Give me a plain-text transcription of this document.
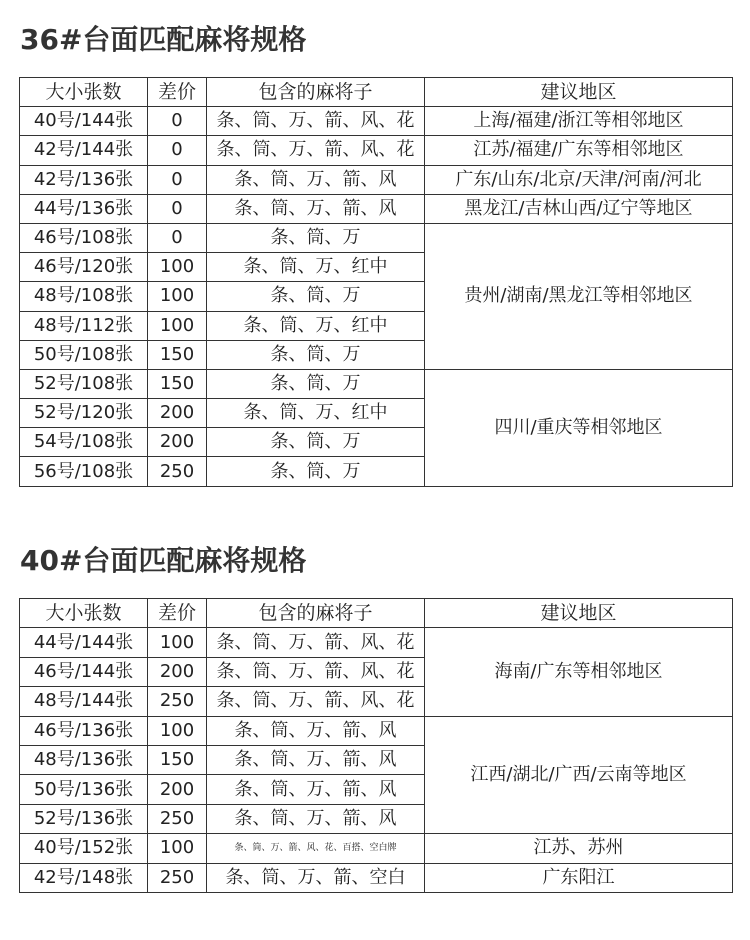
36#台面匹配麻将规格
大小张数	差价	包含的麻将子	建议地区
40号/144张	0	条、筒、万、箭、风、花	上海/福建/浙江等相邻地区
42号/144张	0	条、筒、万、箭、风、花	江苏/福建/广东等相邻地区
42号/136张	0	条、筒、万、箭、风	广东/山东/北京/天津/河南/河北
44号/136张	0	条、筒、万、箭、风	黑龙江/吉林山西/辽宁等地区
46号/108张	0	条、筒、万	贵州/湖南/黑龙江等相邻地区
46号/120张	100	条、筒、万、红中	
48号/108张	100	条、筒、万	
48号/112张	100	条、筒、万、红中	
50号/108张	150	条、筒、万	
52号/108张	150	条、筒、万	四川/重庆等相邻地区
52号/120张	200	条、筒、万、红中	
54号/108张	200	条、筒、万	
56号/108张	250	条、筒、万	
40#台面匹配麻将规格
大小张数	差价	包含的麻将子	建议地区
44号/144张	100	条、筒、万、箭、风、花	海南/广东等相邻地区
46号/144张	200	条、筒、万、箭、风、花	
48号/144张	250	条、筒、万、箭、风、花	
46号/136张	100	条、筒、万、箭、风	江西/湖北/广西/云南等地区
48号/136张	150	条、筒、万、箭、风	
50号/136张	200	条、筒、万、箭、风	
52号/136张	250	条、筒、万、箭、风	
40号/152张	100	条、筒、万、箭、风、花、百搭、空白牌	江苏、苏州
42号/148张	250	条、筒、万、箭、空白	广东阳江
